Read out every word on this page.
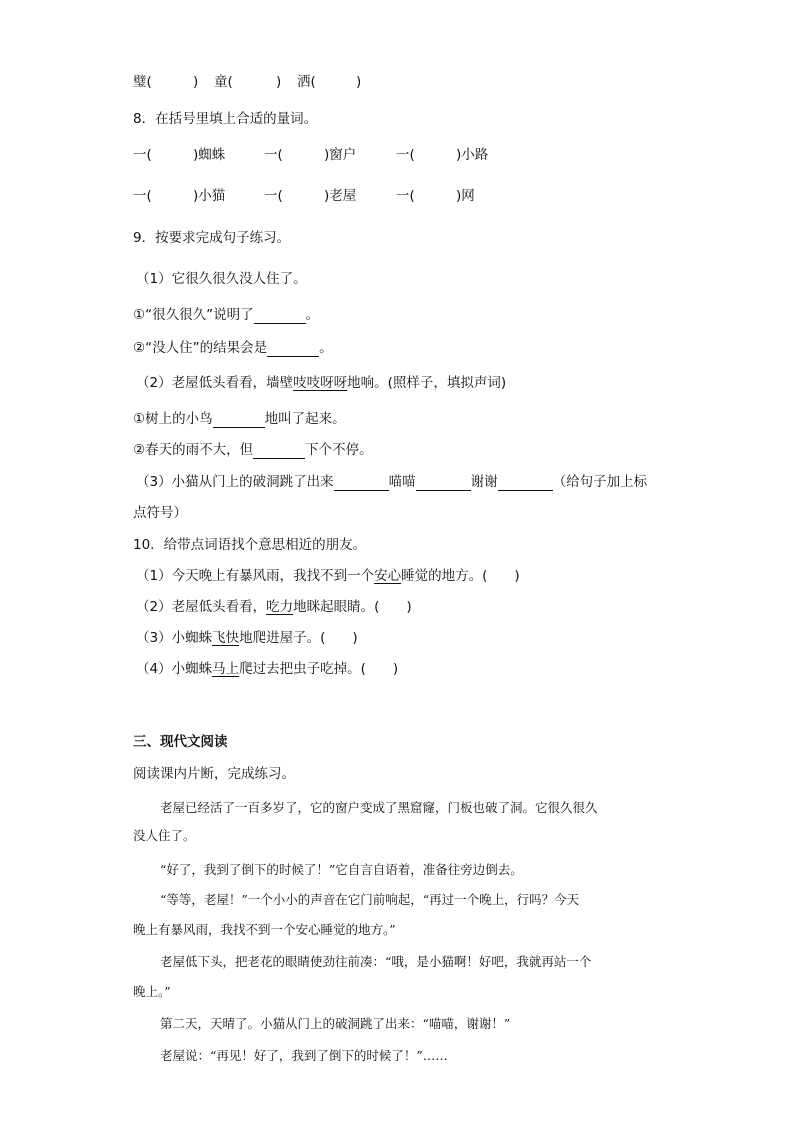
璧(	) 童(	) 洒(	)
8．在括号里填上合适的量词。
一(	)蜘蛛	一(	)窗户	一(	)小路
一(	)小猫	一(	)老屋	一(	)网
9．按要求完成句子练习。
（1）它很久很久没人住了。
①“很久很久”说明了	。
②“没人住”的结果会是	。
（2）老屋低头看看，墙壁吱吱呀呀地响。(照样子，填拟声词)
①树上的小鸟	地叫了起来。
②春天的雨不大，但	下个不停。
（3）小猫从门上的破洞跳了出来	喵喵	谢谢	（给句子加上标
点符号）
10．给带点词语找个意思相近的朋友。
（1）今天晚上有暴风雨，我找不到一个安心睡觉的地方。(　　)
（2）老屋低头看看，吃力地眯起眼睛。(　　)
（3）小蜘蛛飞快地爬进屋子。(　　)
（4）小蜘蛛马上爬过去把虫子吃掉。(　　)
三、现代文阅读
阅读课内片断，完成练习。
老屋已经活了一百多岁了，它的窗户变成了黑窟窿，门板也破了洞。它很久很久
没人住了。
“好了，我到了倒下的时候了！”它自言自语着，准备往旁边倒去。
“等等，老屋！”一个小小的声音在它门前响起，“再过一个晚上，行吗？今天
晚上有暴风雨，我找不到一个安心睡觉的地方。”
老屋低下头，把老花的眼睛使劲往前凑：“哦，是小猫啊！好吧，我就再站一个
晚上。”
第二天，天晴了。小猫从门上的破洞跳了出来：“喵喵，谢谢！”
老屋说：“再见！好了，我到了倒下的时候了！”……
